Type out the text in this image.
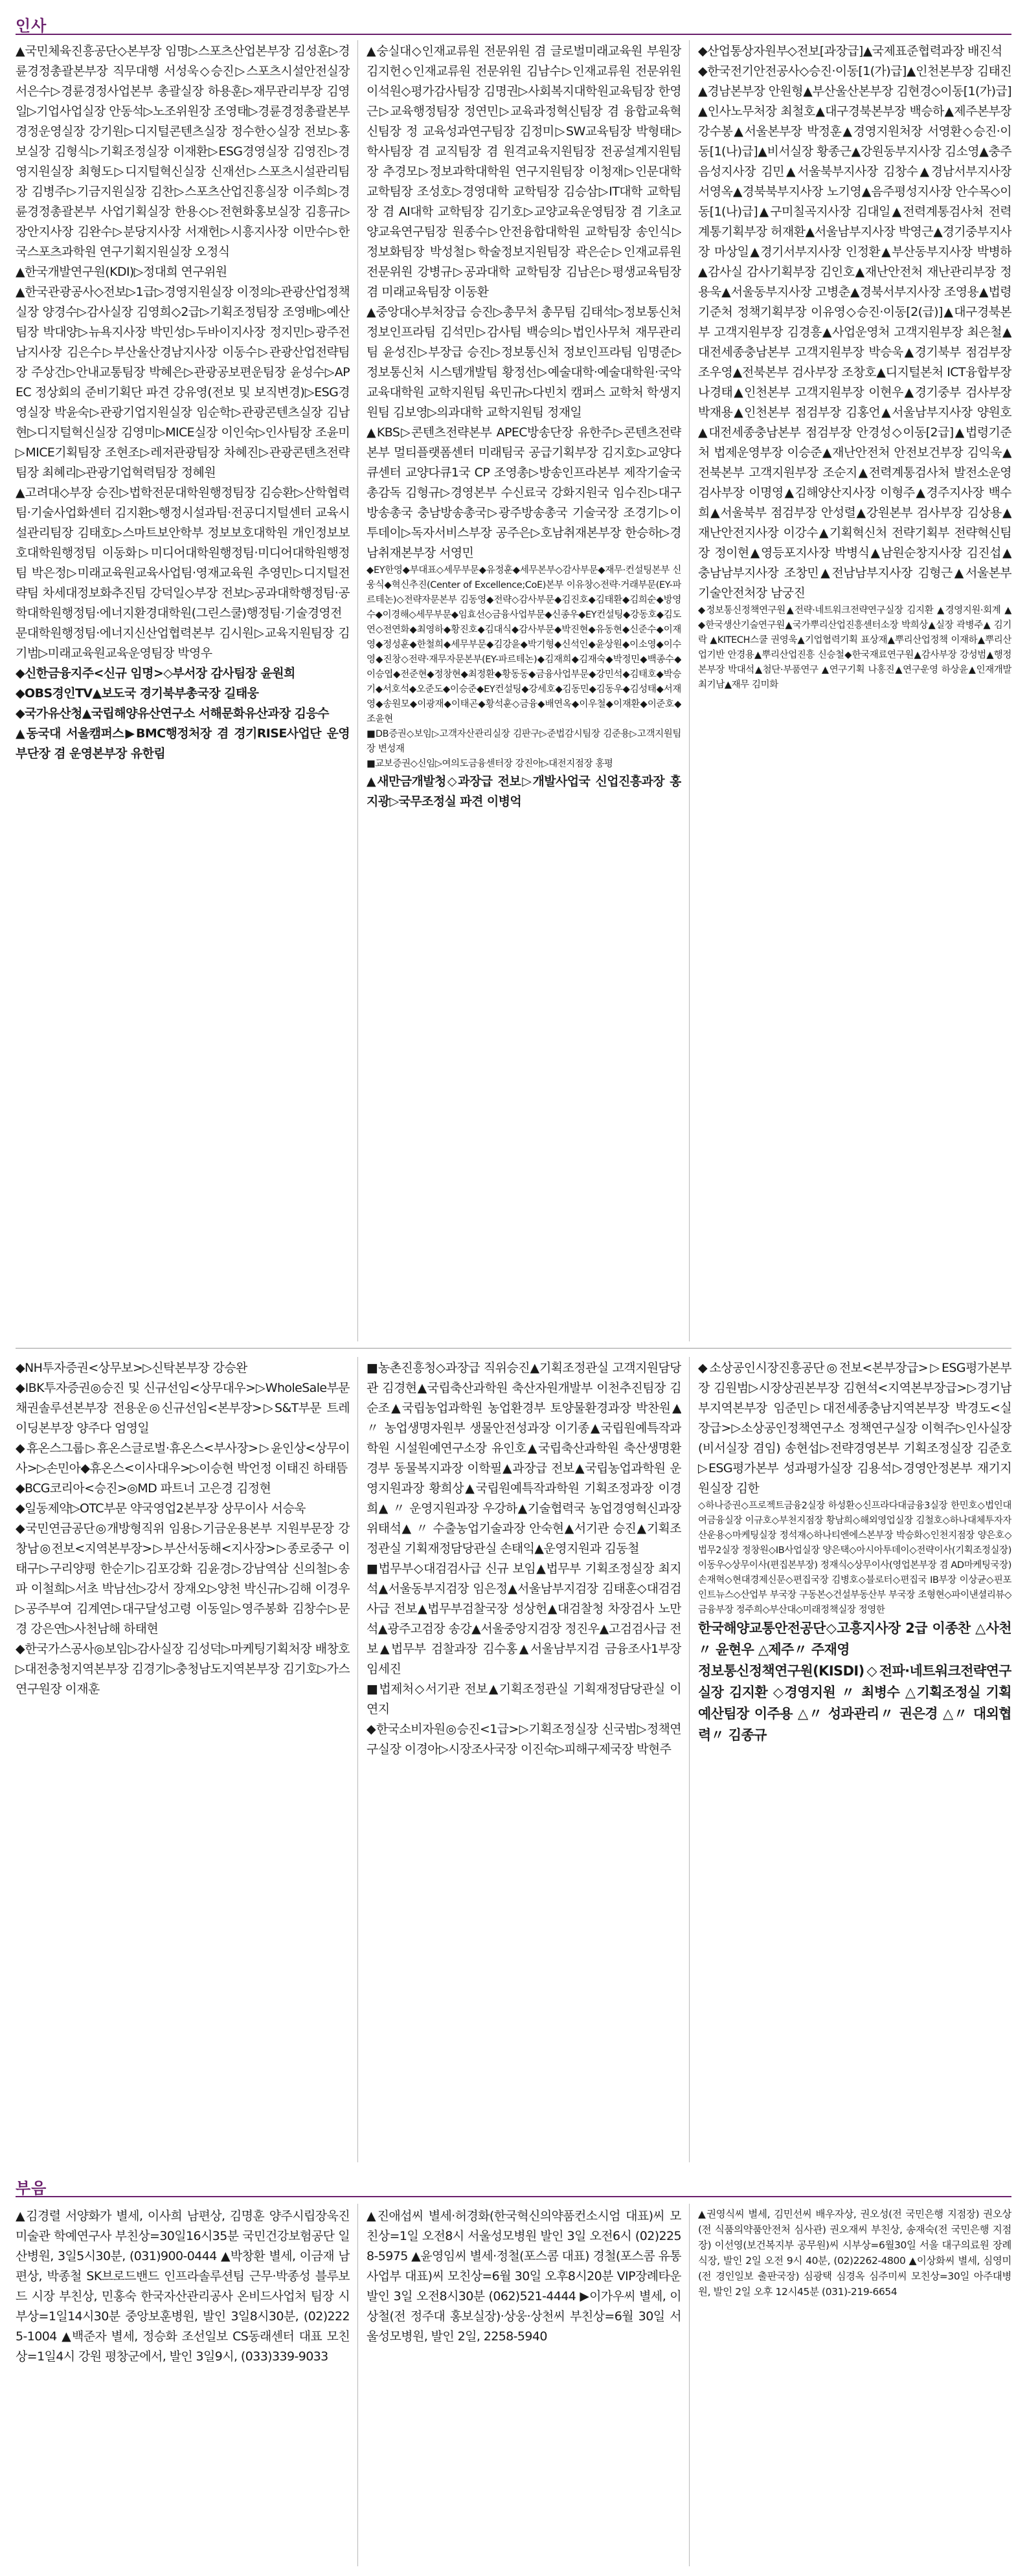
인사

▲국민체육진흥공단◇본부장 임명▷스포츠산업본부장 김성훈▷경륜경정총괄본부장 직무대행 서성욱◇승진▷스포츠시설안전실장 서은수▷경륜경정사업본부 총괄실장 하용훈▷재무관리부장 김영일▷기업사업실장 안동석▷노조위원장 조영태▷경륜경정총괄본부 경정운영실장 강기원▷디지털콘텐츠실장 정수한◇실장 전보▷홍보실장 김형식▷기획조정실장 이재환▷ESG경영실장 김영진▷경영지원실장 최형도▷디지털혁신실장 신재선▷스포츠시설관리팀장 김병주▷기금지원실장 김찬▷스포츠산업진흥실장 이주희▷경륜경정총괄본부 사업기획실장 한용◇▷전현화홍보실장 김흥규▷장안지사장 김완수▷분당지사장 서재헌▷시흥지사장 이만수▷한국스포츠과학원 연구기획지원실장 오정식

▲한국개발연구원(KDI)▷정대희 연구위원

▲한국관광공사◇전보▷1급▷경영지원실장 이정의▷관광산업정책실장 양경수▷감사실장 김영희◇2급▷기획조정팀장 조영배▷예산팀장 박대양▷뉴욕지사장 박민성▷두바이지사장 정지민▷광주전남지사장 김은수▷부산울산경남지사장 이동수▷관광산업전략팀장 주상건▷안내교통팀장 박혜은▷관광공보편운팀장 윤성수▷APEC 정상회의 준비기획단 파견 강유영(전보 및 보직변경)▷ESG경영실장 박윤숙▷관광기업지원실장 임순학▷관광콘텐츠실장 김남현▷디지털혁신실장 김영미▷MICE실장 이인숙▷인사팀장 조윤미▷MICE기획팀장 조현조▷레저관광팀장 차혜진▷관광콘텐츠전략팀장 최혜리▷관광기업혁력팀장 정혜원

▲고려대◇부장 승진▷법학전문대학원행정팀장 김승환▷산학협력팀·기술사업화센터 김지환▷행정시설과팀·전공디지털센터 교육시설관리팀장 김태호▷스마트보안학부 정보보호대학원 개인정보보호대학원행정팀 이동화▷미디어대학원행정팀·미디어대학원행정팀 박은정▷미래교육원교육사업팀·영재교육원 추영민▷디지털전략팀 차세대정보화추진팀 강덕일◇부장 전보▷공과대학행정팀·공학대학원행정팀·에너지환경대학원(그린스쿨)행정팀·기술경영전문대학원행정팀·에너지신산업협력본부 김시원▷교육지원팀장 김기범▷미래교육원교육운영팀장 박영우

◆신한금융지주<신규 임명>◇부서장 감사팀장 윤원희

◆OBS경인TV▲보도국 경기북부총국장 길태웅

◆국가유산청▲국립해양유산연구소 서해문화유산과장 김응수

▲동국대 서울캠퍼스▶BMC행정처장 겸 경기RISE사업단 운영부단장 겸 운영본부장 유한림

▲숭실대◇인재교류원 전문위원 겸 글로벌미래교육원 부원장 김지헌◇인재교류원 전문위원 김남수▷인재교류원 전문위원 이석원◇평가감사팀장 김명권▷사회복지대학원교육팀장 한영근▷교육행정팀장 정연민▷교육과정혁신팀장 겸 융합교육혁신팀장 정 교육성과연구팀장 김정미▷SW교육팀장 박형태▷학사팀장 겸 교직팀장 겸 원격교육지원팀장 전공설계지원팀장 추경모▷정보과학대학원 연구지원팀장 이청재▷인문대학 교학팀장 조성호▷경영대학 교학팀장 김승삼▷IT대학 교학팀장 겸 AI대학 교학팀장 김기호▷교양교육운영팀장 겸 기초교양교육연구팀장 원종수▷안전융합대학원 교학팀장 송인식▷정보화팀장 박성철▷학술정보지원팀장 곽은순▷인재교류원 전문위원 강병규▷공과대학 교학팀장 김남은▷평생교육팀장 겸 미래교육팀장 이동환

▲중앙대◇부처장급 승진▷총무처 총무팀 김태석▷정보통신처 정보인프라팀 김석민▷감사팀 백승의▷법인사무처 재무관리팀 윤성진▷부장급 승진▷정보통신처 정보인프라팀 임명준▷정보통신처 시스템개발팀 황정선▷예술대학·예술대학원·국악교육대학원 교학지원팀 육민규▷다빈치 캠퍼스 교학처 학생지원팀 김보영▷의과대학 교학지원팀 정재일

▲KBS▷콘텐츠전략본부 APEC방송단장 유한주▷콘텐츠전략본부 멀티플랫폼센터 미래팀국 공급기획부장 김지호▷교양다큐센터 교양다큐1국 CP 조영총▷방송인프라본부 제작기술국 총감독 김형규▷경영본부 수신료국 강화지원국 임수진▷대구방송총국 충남방송총국▷광주방송총국 기술국장 조경기▷이투데이▷독자서비스부장 공주은▷호남취재본부장 한승하▷경남취재본부장 서영민

◆EY한영◆부대표◇세무부문◆유정훈◆세무본부◇감사부문◆재무·컨설팅본부 신웅식◆혁신추진(Center of Excellence;CoE)본부 이유창◇전략·거래부문(EY-파르테논)◇전략자문본부 김동영◆전략◇감사부문◆김진호◆김태환◆김희순◆방영수◆이경해◇세무부문◆임효선◇금융사업부문◆신종우◆EY컨설팅◆강동호◆김도연◇전연화◆최영하◆황진호◆김대식◆감사부문◆박진현◆유동현◆신준수◆이재영◆정성훈◆한철희◆세무부문◆김강윤◆박기형◆신석인◆윤상원◆이소영◆이수영◆진창◇전략·재무자문본부(EY-파르테논)◆김재희◆김재숙◆박정민◆백종수◆이승엽◆전준현◆정창현◆최정환◆황동동◆금융사업부문◆강민석◆김태호◆박승기◆서호석◆오준도◆이승준◆EY컨설팅◆강세호◆김동민◆김동우◆김성태◆서재영◆송원모◆이광재◆이태곤◆황석훈◇금융◆배연옥◆이우철◆이재환◆이준호◆조윤현

■DB증권◇보임▷고객자산관리실장 김판구▷준법감시팀장 김준용▷고객지원팀장 변성재

■교보증권◇신임▷여의도금융센터장 강진아▷대전지점장 홍평

▲새만금개발청◇과장급 전보▷개발사업국 신업진흥과장 홍지광▷국무조정실 파견 이병억

◆산업통상자원부◇전보[과장급]▲국제표준협력과장 배진석

◆한국전기안전공사◇승진·이동[1(가)급]▲인천본부장 김태진▲경남본부장 안원형▲부산울산본부장 김현경◇이동[1(가)급]▲인사노무처장 최철호▲대구경북본부장 백승하▲제주본부장 강수봉▲서울본부장 박정훈▲경영지원처장 서영환◇승진·이동[1(나)급]▲비서실장 황종근▲강원동부지사장 김소영▲충주음성지사장 김민▲서울북부지사장 김창수▲경남서부지사장 서영옥▲경북북부지사장 노기영▲음주평성지사장 안수목◇이동[1(나)급]▲구미칠곡지사장 김대일▲전력계통검사처 전력계통기획부장 허재환▲서울남부지사장 박영근▲경기중부지사장 마상일▲경기서부지사장 인정환▲부산동부지사장 박병하▲감사실 감사기획부장 김인호▲재난안전처 재난관리부장 정용욱▲서울동부지사장 고병춘▲경북서부지사장 조영용▲법령기준처 정책기획부장 이유영◇승진·이동[2(급)]▲대구경북본부 고객지원부장 김경흥▲사업운영처 고객지원부장 최은철▲대전세종충남본부 고객지원부장 박승욱▲경기북부 점검부장 조우영▲전북본부 검사부장 조창호▲디지털본처 ICT융합부장 나경태▲인천본부 고객지원부장 이현우▲경기중부 검사부장 박재용▲인천본부 점검부장 김홍언▲서울남부지사장 양원호▲대전세종충남본부 점검부장 안경성◇이동[2급]▲법령기준처 법제운영부장 이승준▲재난안전처 안전보건부장 김익욱▲전북본부 고객지원부장 조순지▲전력계통검사처 발전소운영검사부장 이명영▲김해양산지사장 이형주▲경주지사장 백수희▲서울북부 점검부장 안성렬▲강원본부 검사부장 김상용▲재난안전지사장 이강수▲기획혁신처 전략기획부 전략혁신팀장 정이현▲영등포지사장 박병식▲남원순창지사장 김진섭▲충남남부지사장 조창민▲전남남부지사장 김형근▲서울본부 기술안전처장 남궁진

◆정보통신정책연구원▲전략·네트워크전략연구실장 김지환 ▲경영지원·회계 ▲ ◆한국생산기술연구원▲국가뿌리산업진흥센터소장 박희상▲실장 곽병주▲ 김기락 ▲KITECH스쿨 권영욱▲기업협력기획 표상재▲뿌리산업정책 이재하▲뿌리산업기반 안경용▲뿌리산업진흥 신승철◆한국재료연구원▲감사부장 강성범▲행정본부장 박대석▲첨단·부품연구 ▲연구기획 나홍진▲연구운영 하상윤▲인재개발 최기남▲재무 김미화

◆NH투자증권<상무보>▷신탁본부장 강승완

◆IBK투자증권◎승진 및 신규선임<상무대우>▷WholeSale부문 채권솔루션본부장 전용운◎신규선임<본부장>▷S&T부문 트레이딩본부장 양주다 엄영일

◆휴온스그룹▷휴온스글로벌·휴온스<부사장>▷윤인상<상무이사>▷손민아◆휴온스<이사대우>▷이승현 박언정 이태진 하태뜸

◆BCG코리아<승진>◎MD 파트너 고은경 김정현

◆일동제약▷OTC부문 약국영업2본부장 상무이사 서승욱

◆국민연금공단◎개방형직위 임용▷기금운용본부 지원부문장 강창남◎전보<지역본부장>▷부산서동해<지사장>▷종로중구 이태구▷구리양평 한순기▷김포강화 김윤경▷강남역삼 신의철▷송파 이철희▷서초 박남선▷강서 장재오▷양천 박신규▷김해 이경우▷공주부여 김계연▷대구달성고령 이동일▷영주봉화 김창수▷문경 강은연▷사천남해 하태현

◆한국가스공사◎보임▷감사실장 김성덕▷마케팅기획처장 배창호▷대전충청지역본부장 김경기▷충청남도지역본부장 김기호▷가스연구원장 이재훈

■농촌진흥청◇과장급 직위승진▲기획조정관실 고객지원담당관 김경현▲국립축산과학원 축산자원개발부 이천추진팀장 김순조▲국립농업과학원 농업환경부 토양물환경과장 박찬원▲ 〃 농업생명자원부 생물안전성과장 이기종▲국립원예특작과학원 시설원예연구소장 유인호▲국립축산과학원 축산생명환경부 동물복지과장 이학필▲과장급 전보▲국립농업과학원 운영지원과장 황희상▲국립원예특작과학원 기획조정과장 이경희▲ 〃 운영지원과장 우강하▲기술협력국 농업경영혁신과장 위태석▲ 〃 수출농업기술과장 안숙현▲서기관 승진▲기획조정관실 기획재정담당관실 손태익▲운영지원과 김동철

■법무부◇대검검사급 신규 보임▲법무부 기획조정실장 최지석▲서울동부지검장 임은정▲서울남부지검장 김태훈◇대검검사급 전보▲법무부검찰국장 성상헌▲대검찰청 차장검사 노만석▲광주고검장 송강▲서울중앙지검장 정진우▲고검검사급 전보▲법무부 검찰과장 김수홍▲서울남부지검 금융조사1부장 임세진

■법제처◇서기관 전보▲기획조정관실 기획재정담당관실 이연지

◆한국소비자원◎승진<1급>▷기획조정실장 신국범▷정책연구실장 이경아▷시장조사국장 이진숙▷피해구제국장 박현주

◆소상공인시장진흥공단◎전보<본부장급>▷ESG평가본부장 김원범▷시장상권본부장 김현석<지역본부장급>▷경기남부지역본부장 임준민▷대전세종충남지역본부장 박경도<실장급>▷소상공인정책연구소 정책연구실장 이혁주▷인사실장(비서실장 겸임) 송현섭▷전략경영본부 기획조정실장 김준호▷ESG평가본부 성과평가실장 김용석▷경영안정본부 재기지원실장 김한

◇하나증권◇프로젝트금융2실장 하성환◇신프라다대금융3실장 한민호◇법인대여금융실장 이규호◇부천지점장 황남희◇해외영업실장 김철호◇하나대체투자자산운용◇마케팅실장 정석재◇하나티엔에스본부장 박승화◇인천지점장 양은호◇법무2실장 정창원◇IB사업실장 양은택◇아시아투데이◇전략이사(기획조정실장) 이동우◇상무이사(편집본부장) 정재식◇상무이사(영업본부장 겸 AD마케팅국장) 손재혁◇현대경제신문◇편집국장 김병호◇블로터◇편집국 IB부장 이상균◇핀포인트뉴스◇산업부 부국장 구동본◇건설부동산부 부국장 조형현◇파이낸셜리뷰◇금융부장 정주희◇부산대◇미래정책실장 정영한

한국해양교통안전공단◇고흥지사장 2급 이종찬 △사천〃 윤현우 △제주〃 주재영

정보통신정책연구원(KISDI)◇전파·네트워크전략연구실장 김지환 ◇경영지원 〃 최병수 △기획조정실 기획예산팀장 이주용 △〃 성과관리〃 권은경 △〃 대외협력〃 김종규

부음

▲김경렬 서양화가 별세, 이사희 남편상, 김명훈 양주시립장욱진미술관 학예연구사 부친상=30일16시35분 국민건강보험공단 일산병원, 3일5시30분, (031)900-0444 ▲박창환 별세, 이금재 남편상, 박종철 SK브로드밴드 인프라솔루션팀 근무·박종성 블루보드 시장 부친상, 민홍숙 한국자산관리공사 온비드사업처 팀장 시부상=1일14시30분 중앙보훈병원, 발인 3일8시30분, (02)2225-1004 ▲백준자 별세, 정승화 조선일보 CS동래센터 대표 모친상=1일4시 강원 평창군에서, 발인 3일9시, (033)339-9033

▲진애섭씨 별세·허경화(한국혁신의약품컨소시엄 대표)씨 모친상=1일 오전8시 서울성모병원 발인 3일 오전6시 (02)2258-5975 ▲윤영임씨 별세·정철(포스콤 대표) 경철(포스콤 유통사업부 대표)씨 모친상=6월 30일 오후8시20분 VIP장례타운 발인 3일 오전8시30분 (062)521-4444 ▶이가우씨 별세, 이상철(전 정주대 홍보실장)·상웅·상천씨 부친상=6월 30일 서울성모병원, 발인 2일, 2258-5940

▲권영식씨 별세, 김민선씨 배우자상, 권오성(전 국민은행 지점장) 권오상(전 식품의약품안전처 심사관) 권오재씨 부친상, 송재숙(전 국민은행 지점장) 이선영(보건복지부 공무원)씨 시부상=6월30일 서울 대구의료원 장례식장, 발인 2일 오전 9시 40분, (02)2262-4800 ▲이상화씨 별세, 심영미(전 경인일보 출판국장) 심광택 심경옥 심주미씨 모친상=30일 아주대병원, 발인 2일 오후 12시45분 (031)-219-6654
